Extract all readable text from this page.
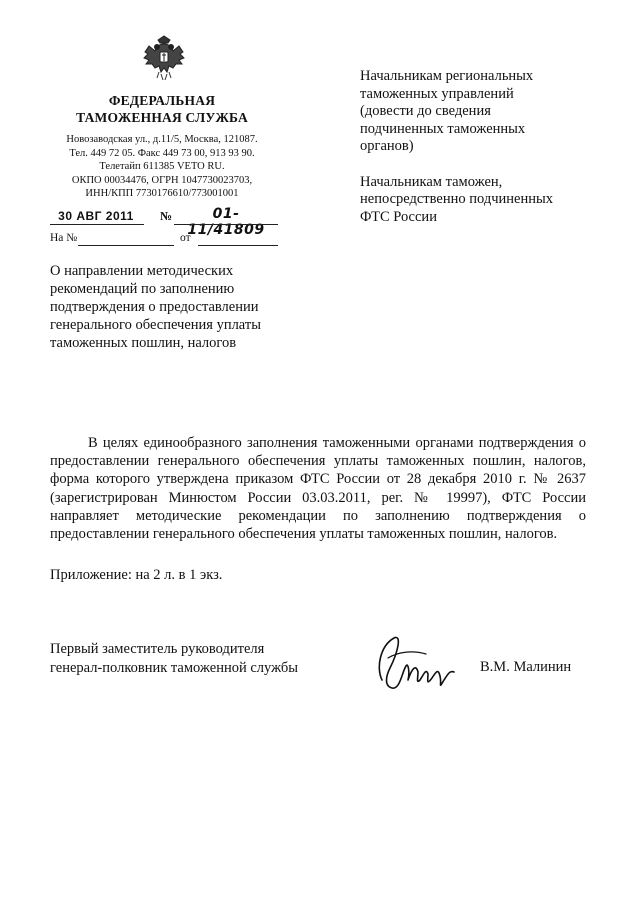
ФЕДЕРАЛЬНАЯ
ТАМОЖЕННАЯ СЛУЖБА
Новозаводская ул., д.11/5, Москва, 121087.
Тел. 449 72 05. Факс 449 73 00, 913 93 90.
Телетайп 611385 VETO RU.
ОКПО 00034476, ОГРН 1047730023703,
ИНН/КПП 7730176610/773001001
30 АВГ 2011	№	01-11/41809
На №	от
Начальникам региональных
таможенных управлений
(довести до сведения
подчиненных таможенных
органов)
Начальникам таможен,
непосредственно подчиненных
ФТС России
О направлении методических
рекомендаций по заполнению
подтверждения о предоставлении
генерального обеспечения уплаты
таможенных пошлин, налогов
В целях единообразного заполнения таможенными органами подтверждения о предоставлении генерального обеспечения уплаты таможенных пошлин, налогов, форма которого утверждена приказом ФТС России от 28 декабря 2010 г. № 2637 (зарегистрирован Минюстом России 03.03.2011, рег. № 19997), ФТС России направляет методические рекомендации по заполнению подтверждения о предоставлении генерального обеспечения уплаты таможенных пошлин, налогов.
Приложение: на 2 л. в 1 экз.
Первый заместитель руководителя
генерал-полковник таможенной службы	В.М. Малинин
